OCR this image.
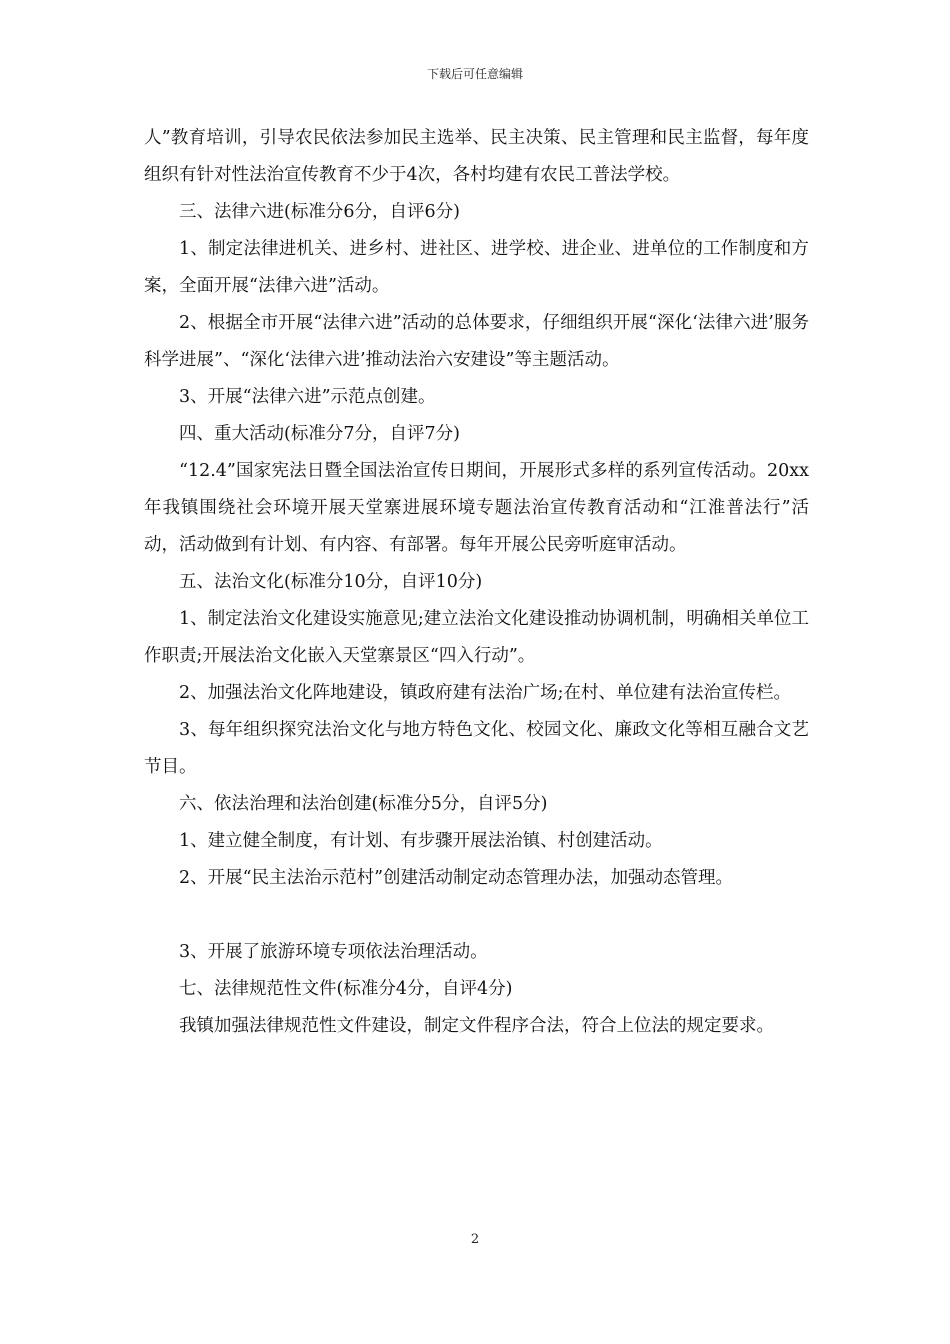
下载后可任意编辑

人”教育培训，引导农民依法参加民主选举、民主决策、民主管理和民主监督，每年度组织有针对性法治宣传教育不少于4次，各村均建有农民工普法学校。

三、法律六进(标准分6分，自评6分)

1、制定法律进机关、进乡村、进社区、进学校、进企业、进单位的工作制度和方案，全面开展“法律六进”活动。

2、根据全市开展“法律六进”活动的总体要求，仔细组织开展“深化‘法律六进’服务科学进展”、“深化‘法律六进’推动法治六安建设”等主题活动。

3、开展“法律六进”示范点创建。

四、重大活动(标准分7分，自评7分)

“12.4”国家宪法日暨全国法治宣传日期间，开展形式多样的系列宣传活动。20xx年我镇围绕社会环境开展天堂寨进展环境专题法治宣传教育活动和“江淮普法行”活动，活动做到有计划、有内容、有部署。每年开展公民旁听庭审活动。

五、法治文化(标准分10分，自评10分)

1、制定法治文化建设实施意见;建立法治文化建设推动协调机制，明确相关单位工作职责;开展法治文化嵌入天堂寨景区“四入行动”。

2、加强法治文化阵地建设，镇政府建有法治广场;在村、单位建有法治宣传栏。

3、每年组织探究法治文化与地方特色文化、校园文化、廉政文化等相互融合文艺节目。

六、依法治理和法治创建(标准分5分，自评5分)

1、建立健全制度，有计划、有步骤开展法治镇、村创建活动。

2、开展“民主法治示范村”创建活动制定动态管理办法，加强动态管理。

3、开展了旅游环境专项依法治理活动。

七、法律规范性文件(标准分4分，自评4分)

我镇加强法律规范性文件建设，制定文件程序合法，符合上位法的规定要求。

2
